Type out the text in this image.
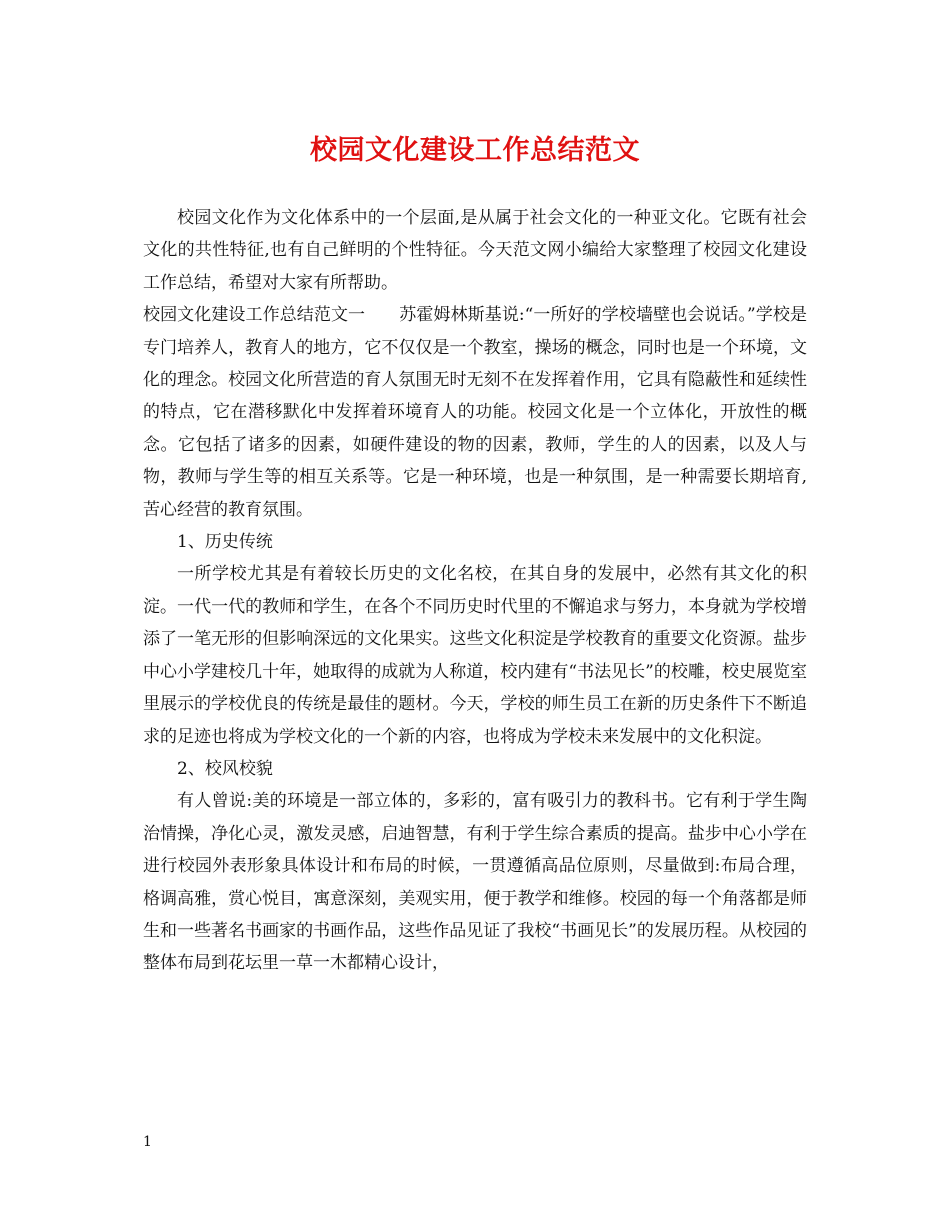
校园文化建设工作总结范文

校园文化作为文化体系中的一个层面,是从属于社会文化的一种亚文化。它既有社会文化的共性特征,也有自己鲜明的个性特征。今天范文网小编给大家整理了校园文化建设工作总结，希望对大家有所帮助。

校园文化建设工作总结范文一　　苏霍姆林斯基说:“一所好的学校墙壁也会说话。”学校是专门培养人，教育人的地方，它不仅仅是一个教室，操场的概念，同时也是一个环境，文化的理念。校园文化所营造的育人氛围无时无刻不在发挥着作用，它具有隐蔽性和延续性的特点，它在潜移默化中发挥着环境育人的功能。校园文化是一个立体化，开放性的概念。它包括了诸多的因素，如硬件建设的物的因素，教师，学生的人的因素，以及人与物，教师与学生等的相互关系等。它是一种环境，也是一种氛围，是一种需要长期培育,苦心经营的教育氛围。

1、历史传统

一所学校尤其是有着较长历史的文化名校，在其自身的发展中，必然有其文化的积淀。一代一代的教师和学生，在各个不同历史时代里的不懈追求与努力，本身就为学校增添了一笔无形的但影响深远的文化果实。这些文化积淀是学校教育的重要文化资源。盐步中心小学建校几十年，她取得的成就为人称道，校内建有“书法见长”的校雕，校史展览室里展示的学校优良的传统是最佳的题材。今天，学校的师生员工在新的历史条件下不断追求的足迹也将成为学校文化的一个新的内容，也将成为学校未来发展中的文化积淀。

2、校风校貌

有人曾说:美的环境是一部立体的，多彩的，富有吸引力的教科书。它有利于学生陶治情操，净化心灵，激发灵感，启迪智慧，有利于学生综合素质的提高。盐步中心小学在进行校园外表形象具体设计和布局的时候，一贯遵循高品位原则，尽量做到:布局合理，格调高雅，赏心悦目，寓意深刻，美观实用，便于教学和维修。校园的每一个角落都是师生和一些著名书画家的书画作品，这些作品见证了我校“书画见长”的发展历程。从校园的整体布局到花坛里一草一木都精心设计，

1
